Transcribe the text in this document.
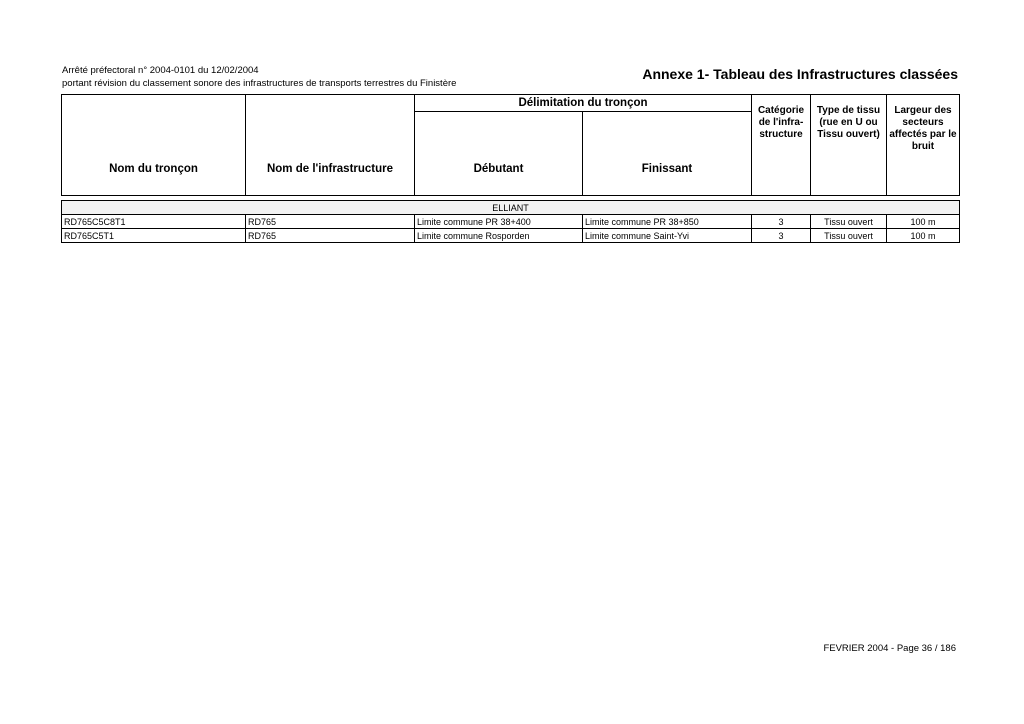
Arrêté préfectoral n° 2004-0101 du 12/02/2004
portant révision du classement sonore des infrastructures de transports terrestres du Finistère
Annexe 1- Tableau des Infrastructures classées
Nom du tronçon	Nom de l'infrastructure	Délimitation du tronçon		Catégorie de l'infra-structure	Type de tissu (rue en U ou Tissu ouvert)	Largeur des secteurs affectés par le bruit
		Débutant	Finissant			
ELLIANT						
RD765C5C8T1	RD765	Limite commune PR 38+400	Limite commune PR 38+850	3	Tissu ouvert	100 m
RD765C5T1	RD765	Limite commune Rosporden	Limite commune Saint-Yvi	3	Tissu ouvert	100 m
FEVRIER 2004 - Page 36 / 186
